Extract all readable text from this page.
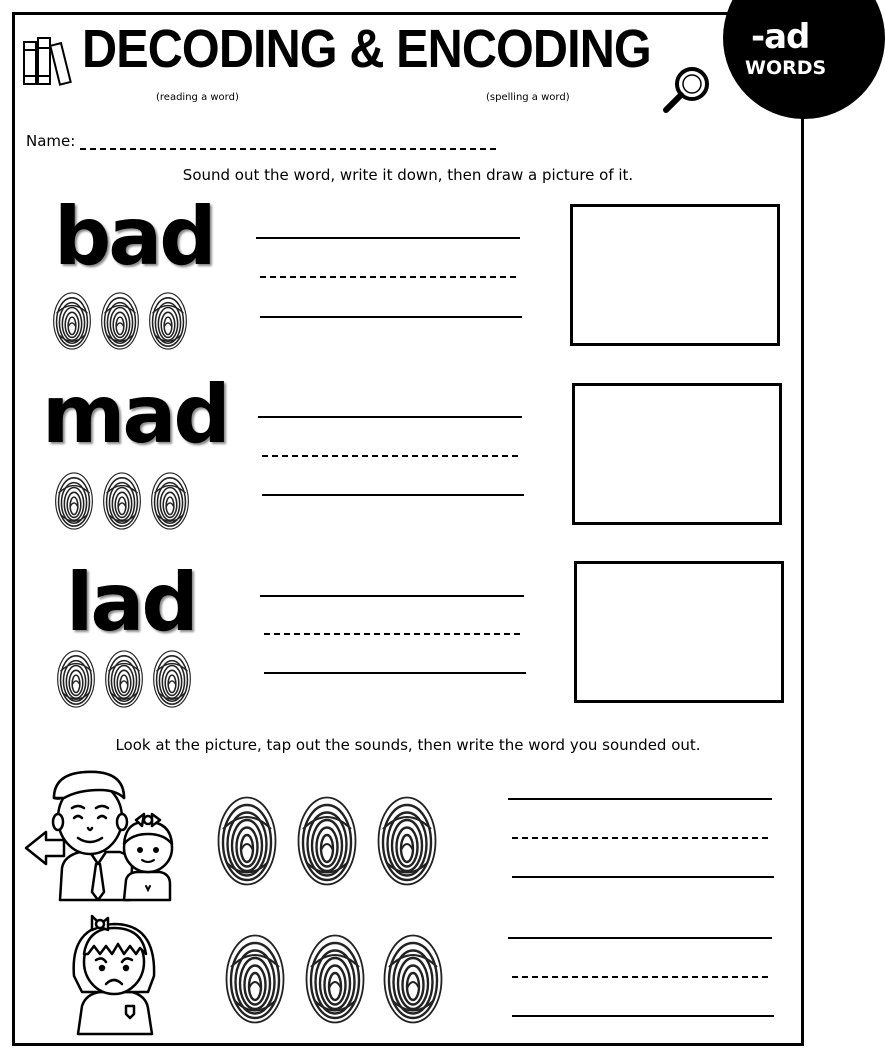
-ad
WORDS
DECODING & ENCODING
(reading a word)	(spelling a word)
Name:
Sound out the word, write it down, then draw a picture of it.
bad
mad
lad
Look at the picture, tap out the sounds, then write the word you sounded out.
